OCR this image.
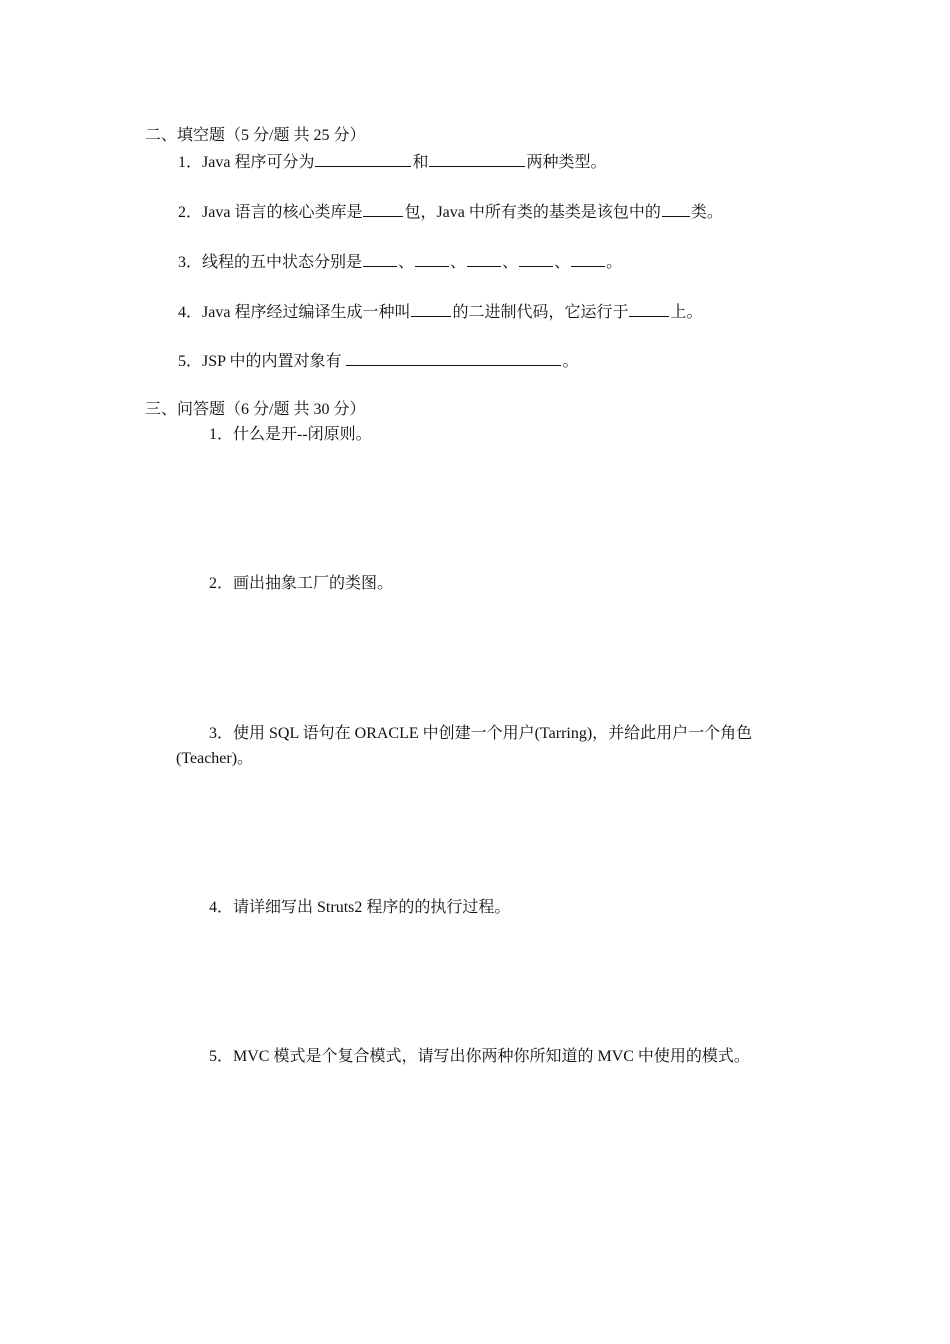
二、填空题（5 分/题 共 25 分）
1．Java 程序可分为	和	两种类型。
2．Java 语言的核心类库是	包，Java 中所有类的基类是该包中的 类。
3．线程的五中状态分别是 、 、 、 、 。
4．Java 程序经过编译生成一种叫	的二进制代码，它运行于	上。
5．JSP 中的内置对象有	。
三、问答题（6 分/题 共 30 分）
1．什么是开--闭原则。
2．画出抽象工厂的类图。
3．使用 SQL 语句在 ORACLE 中创建一个用户(Tarring)，并给此用户一个角色
(Teacher)。
4．请详细写出 Struts2 程序的的执行过程。
5．MVC 模式是个复合模式，请写出你两种你所知道的 MVC 中使用的模式。
